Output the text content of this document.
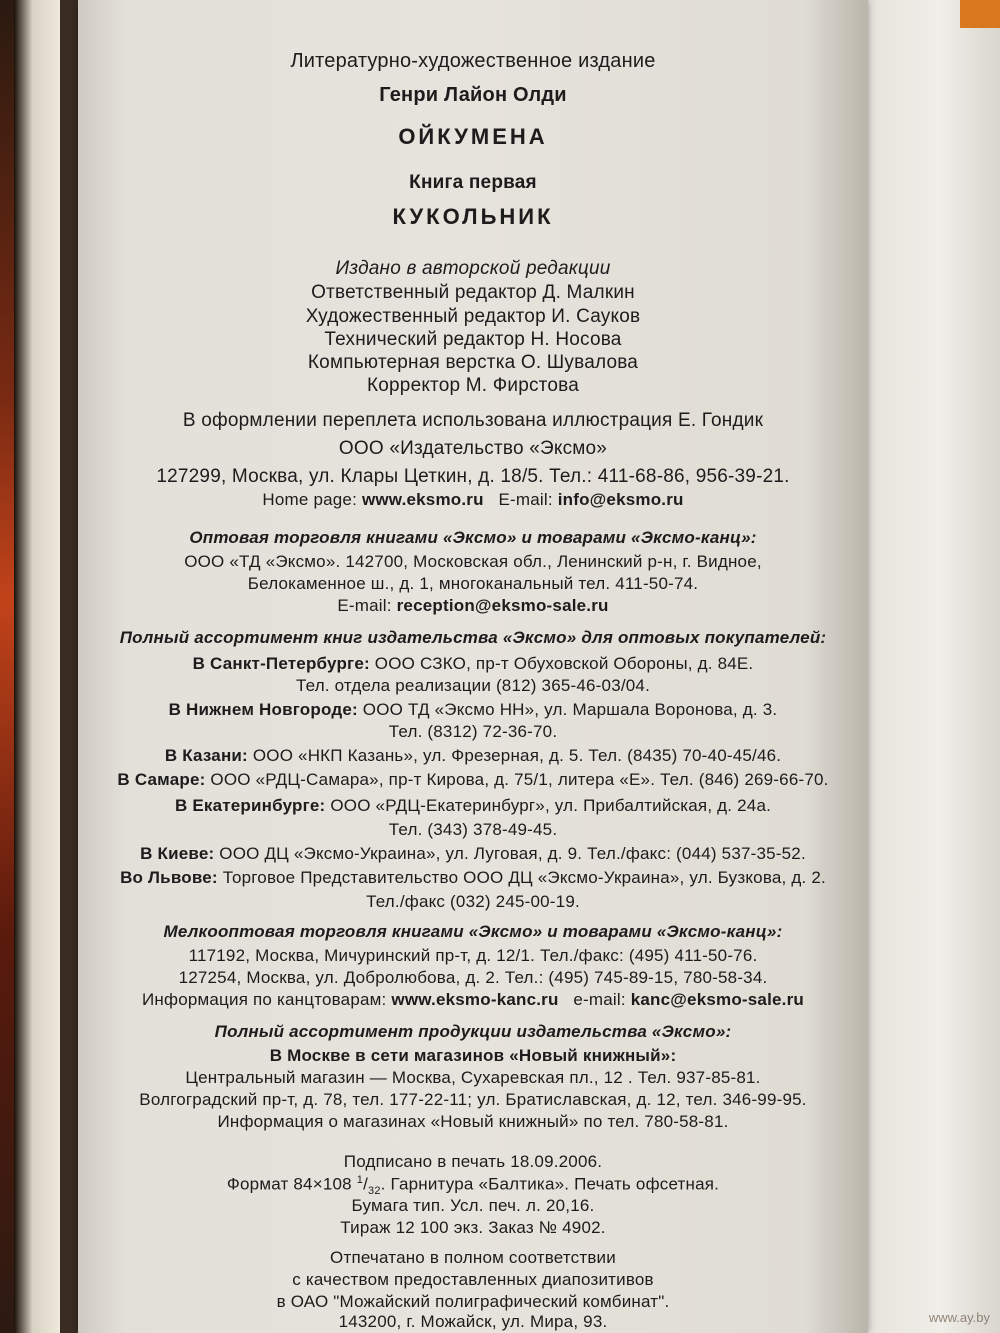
Литературно-художественное издание
Генри Лайон Олди
ОЙКУМЕНА
Книга первая
КУКОЛЬНИК
Издано в авторской редакции
Ответственный редактор Д. Малкин
Художественный редактор И. Сауков
Технический редактор Н. Носова
Компьютерная верстка О. Шувалова
Корректор М. Фирстова
В оформлении переплета использована иллюстрация Е. Гондик
ООО «Издательство «Эксмо»
127299, Москва, ул. Клары Цеткин, д. 18/5. Тел.: 411-68-86, 956-39-21.
Home page: www.eksmo.ru E-mail: info@eksmo.ru
Оптовая торговля книгами «Эксмо» и товарами «Эксмо-канц»:
ООО «ТД «Эксмо». 142700, Московская обл., Ленинский р-н, г. Видное,
Белокаменное ш., д. 1, многоканальный тел. 411-50-74.
E-mail: reception@eksmo-sale.ru
Полный ассортимент книг издательства «Эксмо» для оптовых покупателей:
В Санкт-Петербурге: ООО СЗКО, пр-т Обуховской Обороны, д. 84Е.
Тел. отдела реализации (812) 365-46-03/04.
В Нижнем Новгороде: ООО ТД «Эксмо НН», ул. Маршала Воронова, д. 3.
Тел. (8312) 72-36-70.
В Казани: ООО «НКП Казань», ул. Фрезерная, д. 5. Тел. (8435) 70-40-45/46.
В Самаре: ООО «РДЦ-Самара», пр-т Кирова, д. 75/1, литера «Е». Тел. (846) 269-66-70.
В Екатеринбурге: ООО «РДЦ-Екатеринбург», ул. Прибалтийская, д. 24а.
Тел. (343) 378-49-45.
В Киеве: ООО ДЦ «Эксмо-Украина», ул. Луговая, д. 9. Тел./факс: (044) 537-35-52.
Во Львове: Торговое Представительство ООО ДЦ «Эксмо-Украина», ул. Бузкова, д. 2.
Тел./факс (032) 245-00-19.
Мелкооптовая торговля книгами «Эксмо» и товарами «Эксмо-канц»:
117192, Москва, Мичуринский пр-т, д. 12/1. Тел./факс: (495) 411-50-76.
127254, Москва, ул. Добролюбова, д. 2. Тел.: (495) 745-89-15, 780-58-34.
Информация по канцтоварам: www.eksmo-kanc.ru e-mail: kanc@eksmo-sale.ru
Полный ассортимент продукции издательства «Эксмо»:
В Москве в сети магазинов «Новый книжный»:
Центральный магазин — Москва, Сухаревская пл., 12 . Тел. 937-85-81.
Волгоградский пр-т, д. 78, тел. 177-22-11; ул. Братиславская, д. 12, тел. 346-99-95.
Информация о магазинах «Новый книжный» по тел. 780-58-81.
Подписано в печать 18.09.2006.
Формат 84×108 $^1/_{32}$. Гарнитура «Балтика». Печать офсетная.
Бумага тип. Усл. печ. л. 20,16.
Тираж 12 100 экз. Заказ № 4902.
Отпечатано в полном соответствии
с качеством предоставленных диапозитивов
в ОАО "Можайский полиграфический комбинат".
143200, г. Можайск, ул. Мира, 93.	www.ay.by
